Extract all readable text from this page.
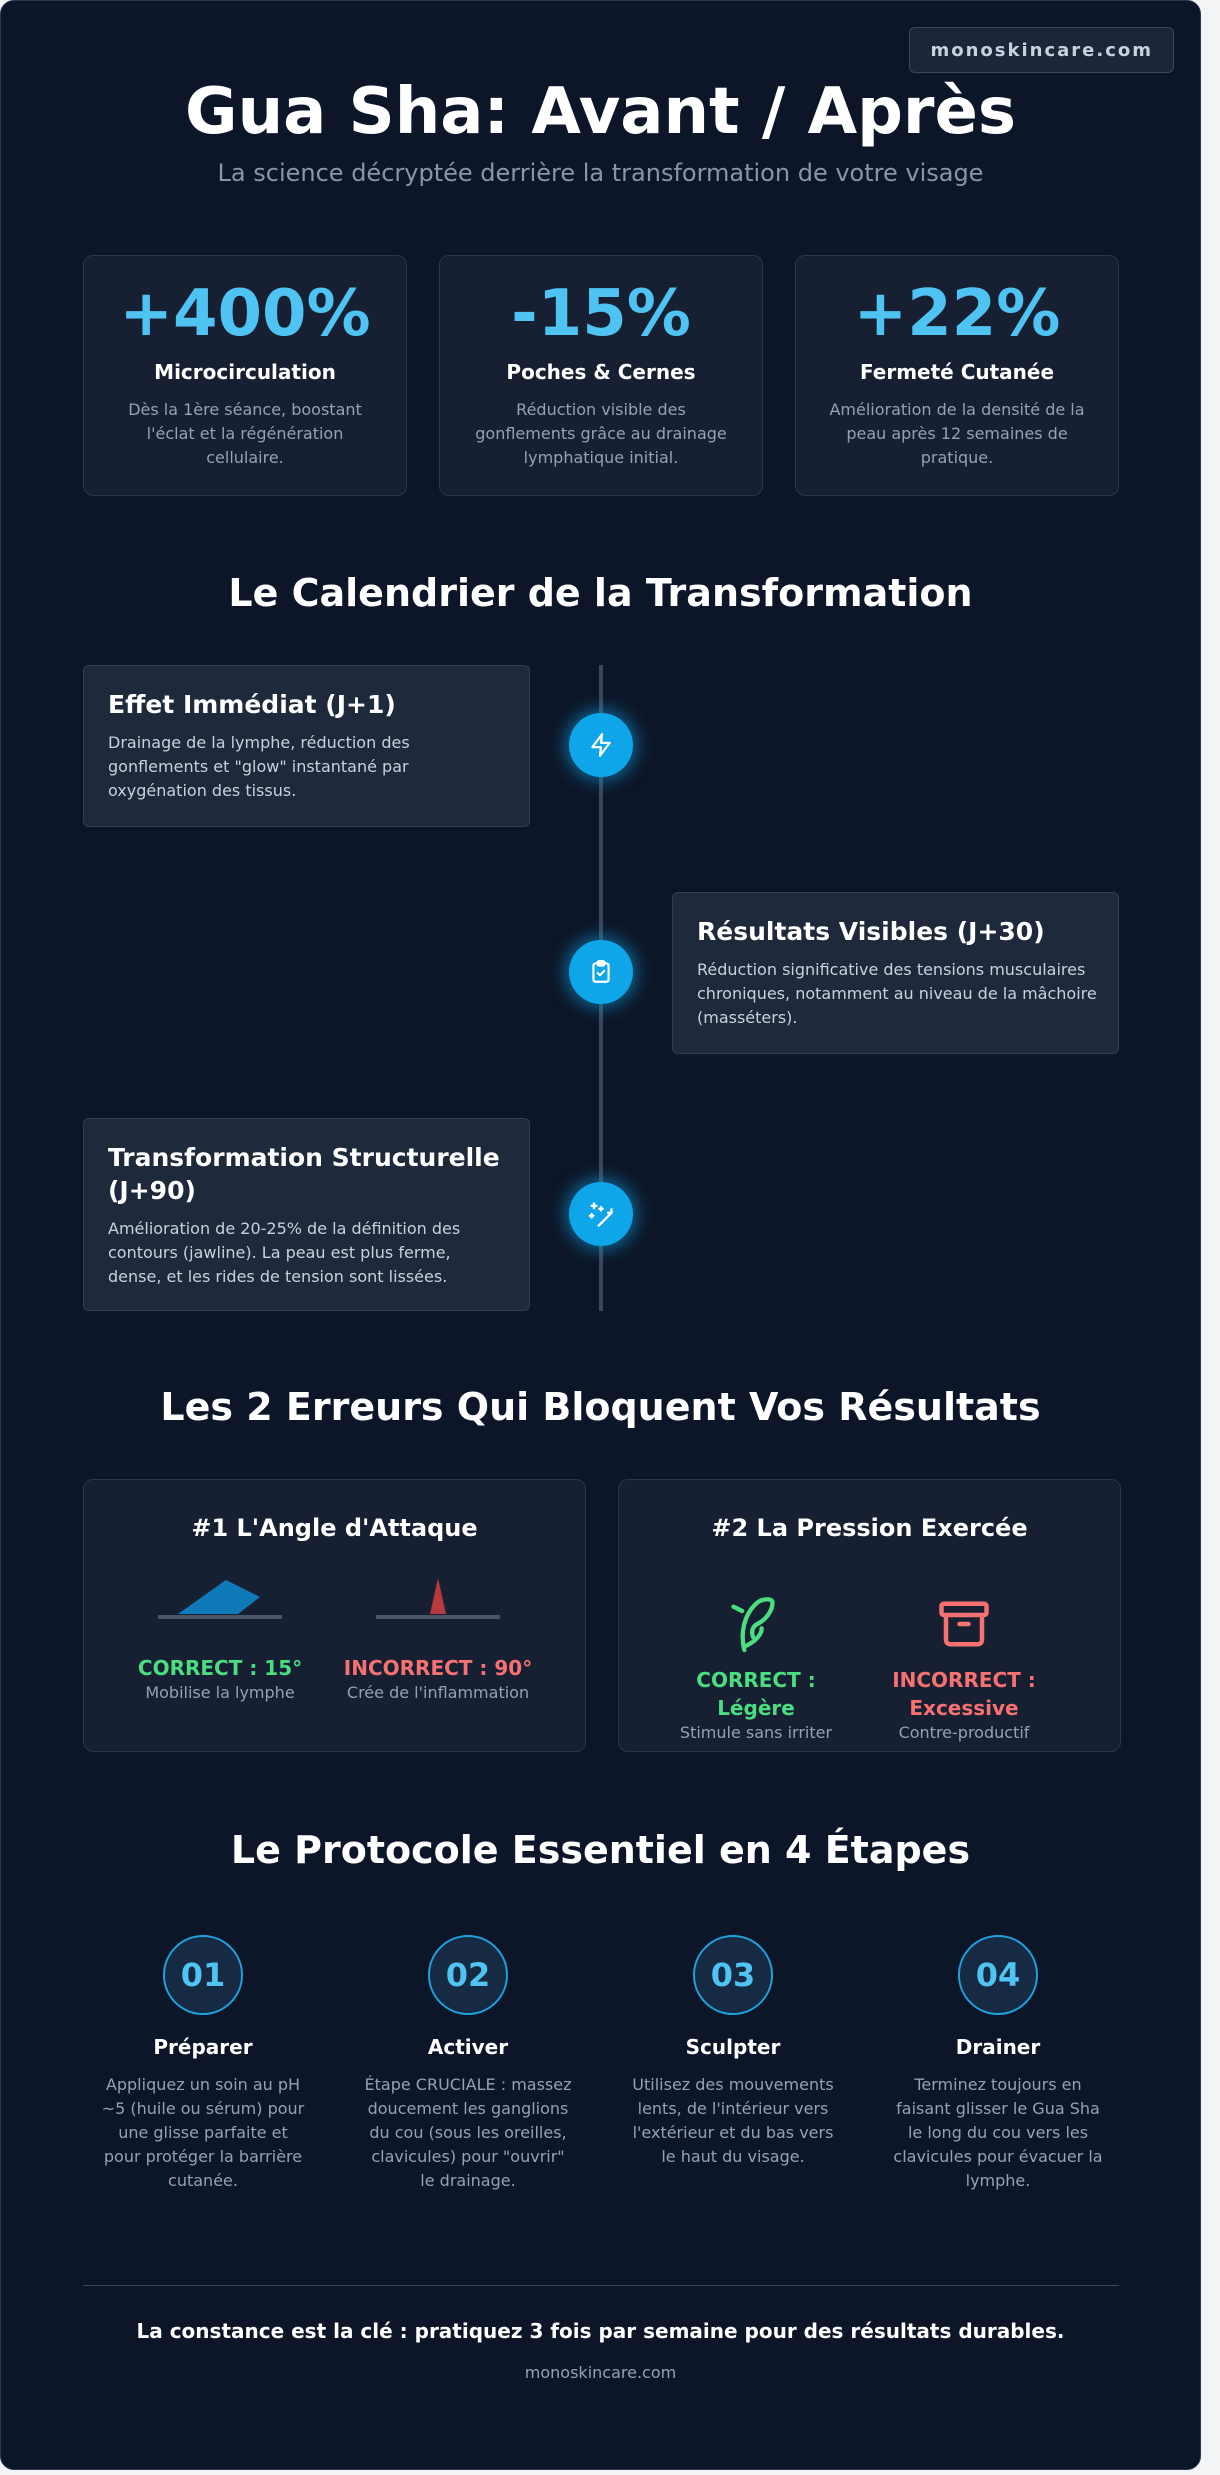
monoskincare.com
Gua Sha: Avant / Après
La science décryptée derrière la transformation de votre visage
+400%
Microcirculation
Dès la 1ère séance, boostant l'éclat et la régénération cellulaire.
-15%
Poches & Cernes
Réduction visible des gonflements grâce au drainage lymphatique initial.
+22%
Fermeté Cutanée
Amélioration de la densité de la peau après 12 semaines de pratique.
Le Calendrier de la Transformation
Effet Immédiat (J+1)
Drainage de la lymphe, réduction des gonflements et "glow" instantané par oxygénation des tissus.
Résultats Visibles (J+30)
Réduction significative des tensions musculaires chroniques, notamment au niveau de la mâchoire (masséters).
Transformation Structurelle (J+90)
Amélioration de 20-25% de la définition des contours (jawline). La peau est plus ferme, dense, et les rides de tension sont lissées.
Les 2 Erreurs Qui Bloquent Vos Résultats
#1 L'Angle d'Attaque
CORRECT : 15°
Mobilise la lymphe
INCORRECT : 90°
Crée de l'inflammation
#2 La Pression Exercée
CORRECT : Légère
Stimule sans irriter
INCORRECT : Excessive
Contre-productif
Le Protocole Essentiel en 4 Étapes
01
Préparer
Appliquez un soin au pH ~5 (huile ou sérum) pour une glisse parfaite et pour protéger la barrière cutanée.
02
Activer
Étape CRUCIALE : massez doucement les ganglions du cou (sous les oreilles, clavicules) pour "ouvrir" le drainage.
03
Sculpter
Utilisez des mouvements lents, de l'intérieur vers l'extérieur et du bas vers le haut du visage.
04
Drainer
Terminez toujours en faisant glisser le Gua Sha le long du cou vers les clavicules pour évacuer la lymphe.
La constance est la clé : pratiquez 3 fois par semaine pour des résultats durables.
monoskincare.com
